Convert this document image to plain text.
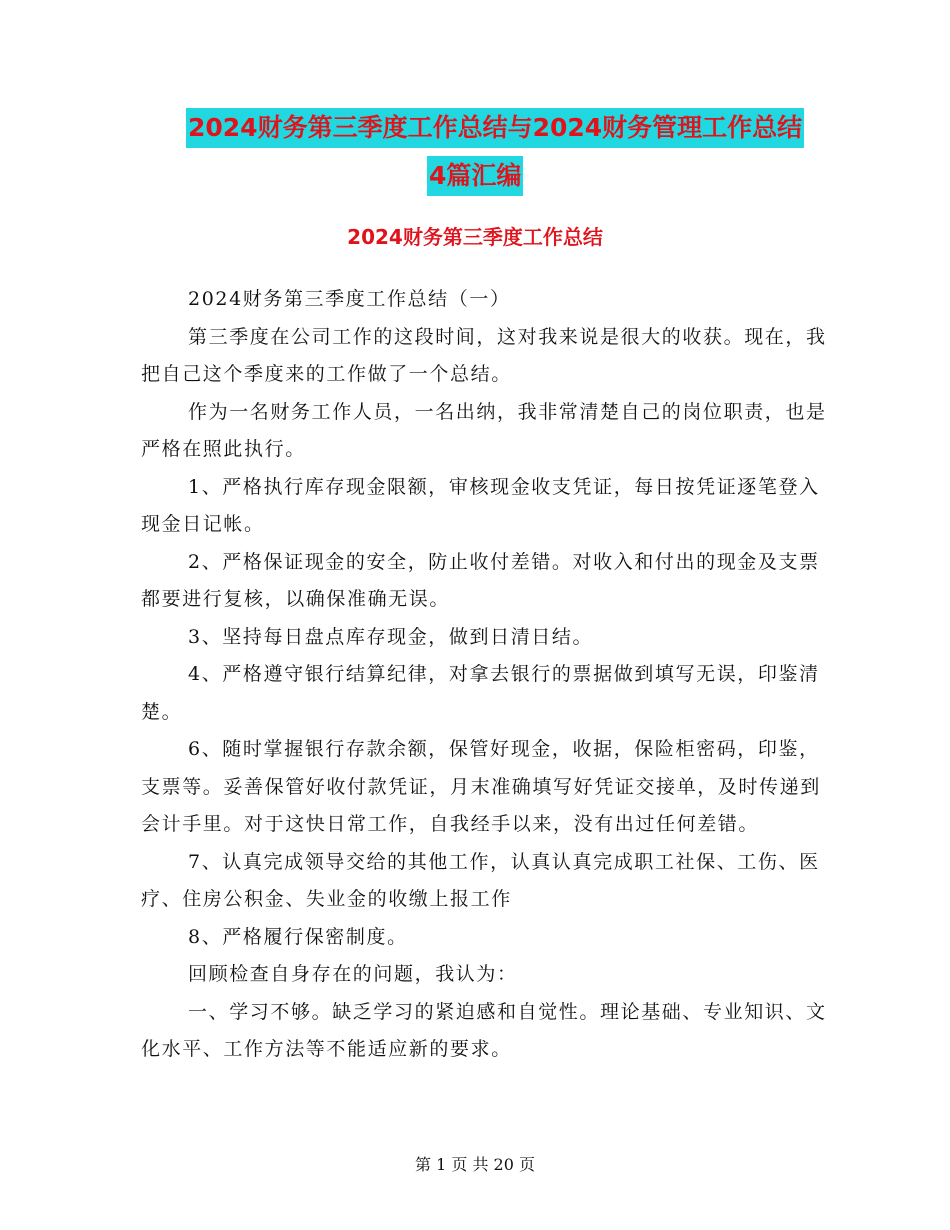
2024财务第三季度工作总结与2024财务管理工作总结
4篇汇编
2024财务第三季度工作总结

2024财务第三季度工作总结（一）

第三季度在公司工作的这段时间，这对我来说是很大的收获。现在，我把自己这个季度来的工作做了一个总结。

作为一名财务工作人员，一名出纳，我非常清楚自己的岗位职责，也是严格在照此执行。

1、严格执行库存现金限额，审核现金收支凭证，每日按凭证逐笔登入现金日记帐。

2、严格保证现金的安全，防止收付差错。对收入和付出的现金及支票都要进行复核，以确保准确无误。

3、坚持每日盘点库存现金，做到日清日结。

4、严格遵守银行结算纪律，对拿去银行的票据做到填写无误，印鉴清楚。

6、随时掌握银行存款余额，保管好现金，收据，保险柜密码，印鉴，支票等。妥善保管好收付款凭证，月末准确填写好凭证交接单，及时传递到会计手里。对于这快日常工作，自我经手以来，没有出过任何差错。

7、认真完成领导交给的其他工作，认真认真完成职工社保、工伤、医疗、住房公积金、失业金的收缴上报工作

8、严格履行保密制度。

回顾检查自身存在的问题，我认为：

一、学习不够。缺乏学习的紧迫感和自觉性。理论基础、专业知识、文化水平、工作方法等不能适应新的要求。

第 1 页 共 20 页
